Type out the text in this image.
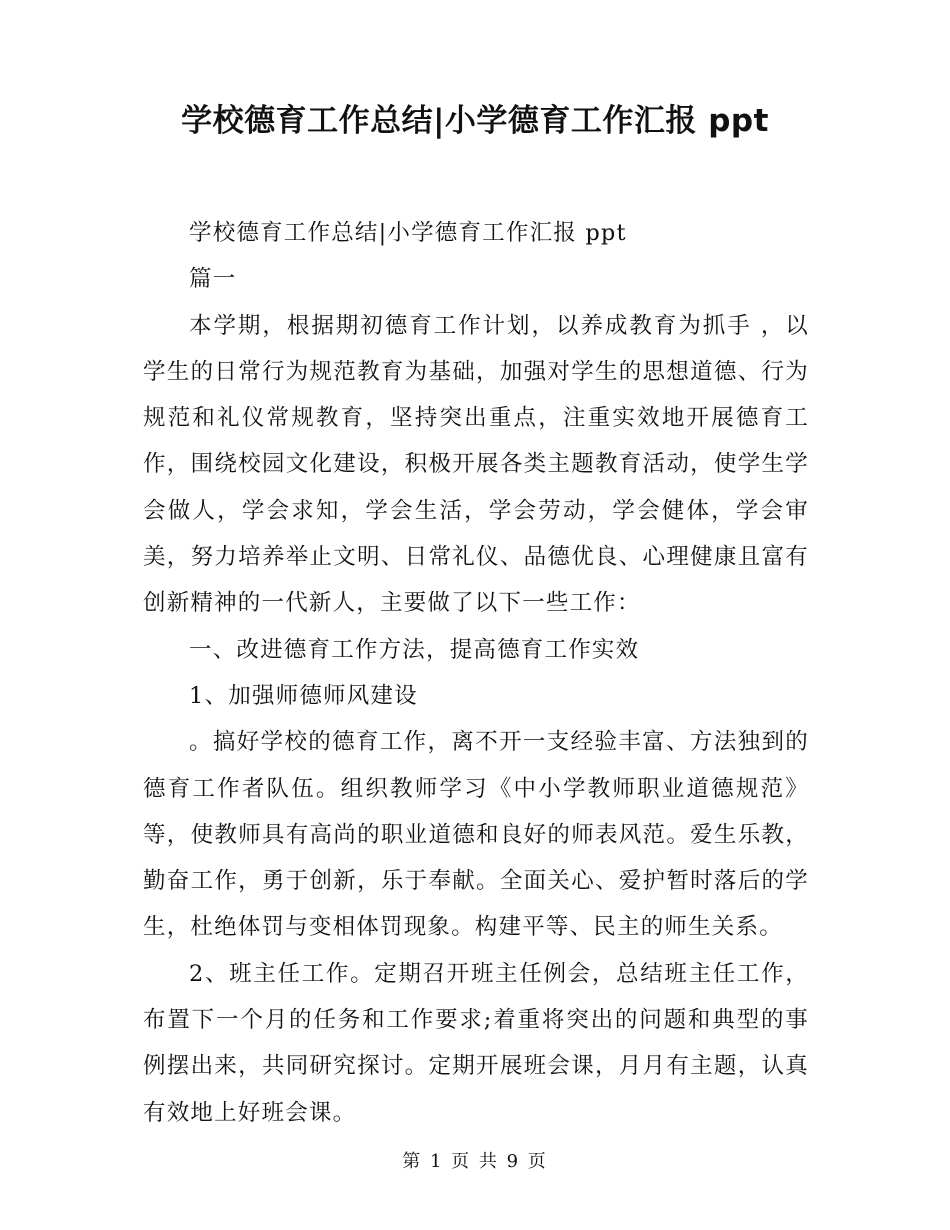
学校德育工作总结|小学德育工作汇报 ppt

学校德育工作总结|小学德育工作汇报 ppt

篇一

本学期，根据期初德育工作计划，以养成教育为抓手 ，以学生的日常行为规范教育为基础，加强对学生的思想道德、行为规范和礼仪常规教育，坚持突出重点，注重实效地开展德育工作，围绕校园文化建设，积极开展各类主题教育活动，使学生学会做人，学会求知，学会生活，学会劳动，学会健体，学会审美，努力培养举止文明、日常礼仪、品德优良、心理健康且富有创新精神的一代新人，主要做了以下一些工作：

一、改进德育工作方法，提高德育工作实效

1、加强师德师风建设

。搞好学校的德育工作，离不开一支经验丰富、方法独到的德育工作者队伍。组织教师学习《中小学教师职业道德规范》等，使教师具有高尚的职业道德和良好的师表风范。爱生乐教，勤奋工作，勇于创新，乐于奉献。全面关心、爱护暂时落后的学生，杜绝体罚与变相体罚现象。构建平等、民主的师生关系。

2、班主任工作。定期召开班主任例会，总结班主任工作，布置下一个月的任务和工作要求;着重将突出的问题和典型的事例摆出来，共同研究探讨。定期开展班会课，月月有主题，认真有效地上好班会课。

第 1 页 共 9 页
